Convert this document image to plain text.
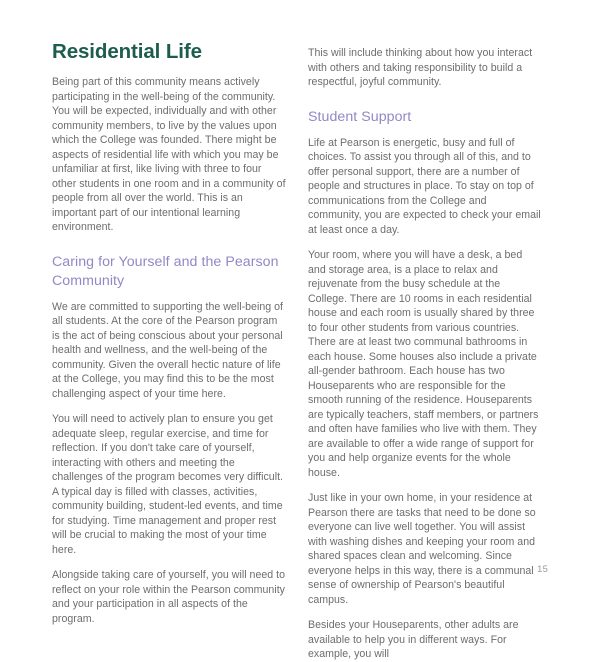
Residential Life

Being part of this community means actively participating in the well-being of the community. You will be expected, individually and with other community members, to live by the values upon which the College was founded. There might be aspects of residential life with which you may be unfamiliar at first, like living with three to four other students in one room and in a community of people from all over the world. This is an important part of our intentional learning environment.

Caring for Yourself and the Pearson Community

We are committed to supporting the well-being of all students. At the core of the Pearson program is the act of being conscious about your personal health and wellness, and the well-being of the community. Given the overall hectic nature of life at the College, you may find this to be the most challenging aspect of your time here.

You will need to actively plan to ensure you get adequate sleep, regular exercise, and time for reflection. If you don't take care of yourself, interacting with others and meeting the challenges of the program becomes very difficult. A typical day is filled with classes, activities, community building, student-led events, and time for studying. Time management and proper rest will be crucial to making the most of your time here.

Alongside taking care of yourself, you will need to reflect on your role within the Pearson community and your participation in all aspects of the program.

This will include thinking about how you interact with others and taking responsibility to build a respectful, joyful community.

Student Support

Life at Pearson is energetic, busy and full of choices. To assist you through all of this, and to offer personal support, there are a number of people and structures in place. To stay on top of communications from the College and community, you are expected to check your email at least once a day.

Your room, where you will have a desk, a bed and storage area, is a place to relax and rejuvenate from the busy schedule at the College. There are 10 rooms in each residential house and each room is usually shared by three to four other students from various countries. There are at least two communal bathrooms in each house. Some houses also include a private all-gender bathroom. Each house has two Houseparents who are responsible for the smooth running of the residence. Houseparents are typically teachers, staff members, or partners and often have families who live with them. They are available to offer a wide range of support for you and help organize events for the whole house.

Just like in your own home, in your residence at Pearson there are tasks that need to be done so everyone can live well together. You will assist with washing dishes and keeping your room and shared spaces clean and welcoming. Since everyone helps in this way, there is a communal sense of ownership of Pearson's beautiful campus.

Besides your Houseparents, other adults are available to help you in different ways. For example, you will

15
